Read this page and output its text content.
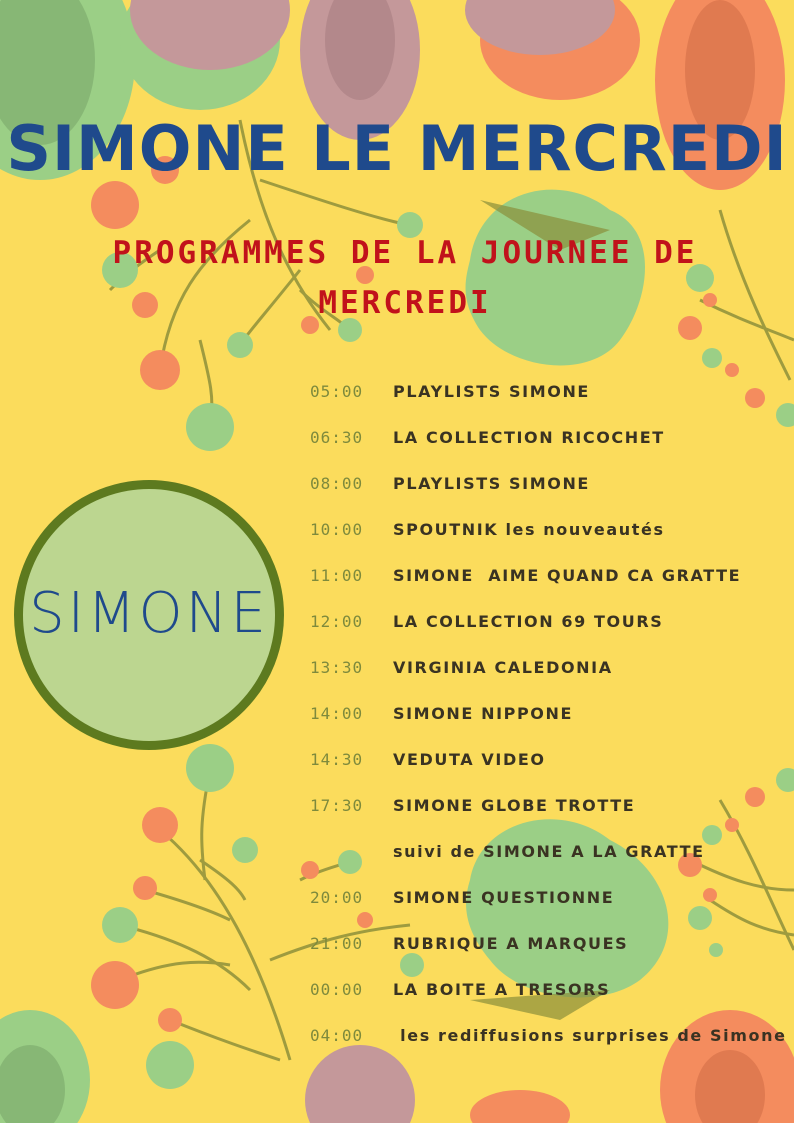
SIMONE LE MERCREDI
PROGRAMMES DE LA JOURNEE DE MERCREDI
SIMONE
05:00	PLAYLISTS SIMONE
06:30	LA COLLECTION RICOCHET
08:00	PLAYLISTS SIMONE
10:00	SPOUTNIK les nouveautés
11:00	SIMONE  AIME QUAND CA GRATTE
12:00	LA COLLECTION 69 TOURS
13:30	VIRGINIA CALEDONIA
14:00	SIMONE NIPPONE
14:30	VEDUTA VIDEO
17:30	SIMONE GLOBE TROTTE
suivi de SIMONE A LA GRATTE
20:00	SIMONE QUESTIONNE
21:00	RUBRIQUE A MARQUES
00:00	LA BOITE A TRESORS
04:00	les rediffusions surprises de Simone
